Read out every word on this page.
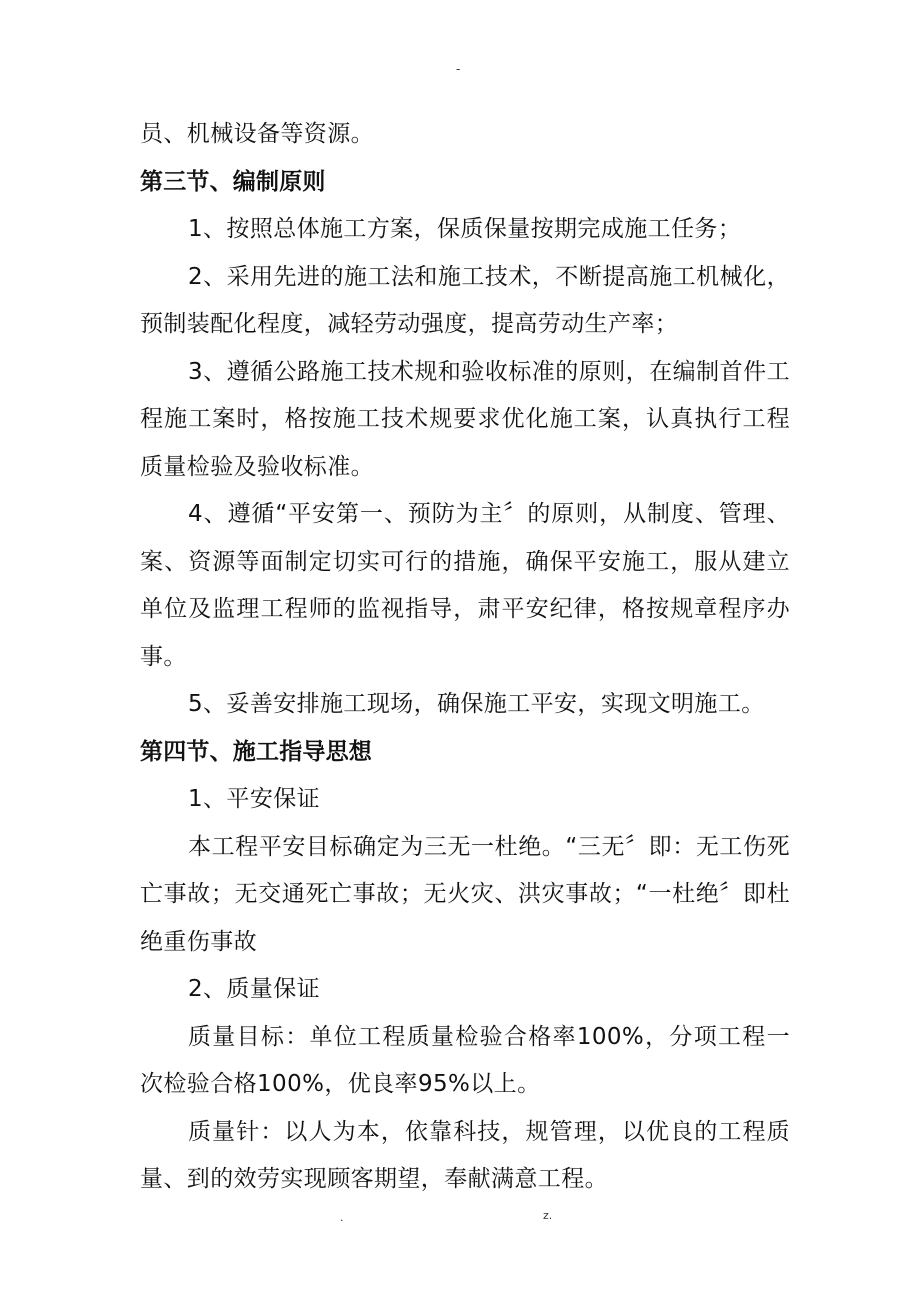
-

员、机械设备等资源。

第三节、编制原则

1、按照总体施工方案，保质保量按期完成施工任务；

2、采用先进的施工法和施工技术，不断提高施工机械化，预制装配化程度，减轻劳动强度，提高劳动生产率；

3、遵循公路施工技术规和验收标准的原则，在编制首件工程施工案时，格按施工技术规要求优化施工案，认真执行工程质量检验及验收标准。

4、遵循“平安第一、预防为主〞的原则，从制度、管理、案、资源等面制定切实可行的措施，确保平安施工，服从建立单位及监理工程师的监视指导，肃平安纪律，格按规章程序办事。

5、妥善安排施工现场，确保施工平安，实现文明施工。

第四节、施工指导思想

1、平安保证

本工程平安目标确定为三无一杜绝。“三无〞即：无工伤死亡事故；无交通死亡事故；无火灾、洪灾事故；“一杜绝〞即杜绝重伤事故

2、质量保证

质量目标：单位工程质量检验合格率100%，分项工程一次检验合格100%，优良率95%以上。

质量针：以人为本，依靠科技，规管理，以优良的工程质量、到的效劳实现顾客期望，奉献满意工程。

.	z.
